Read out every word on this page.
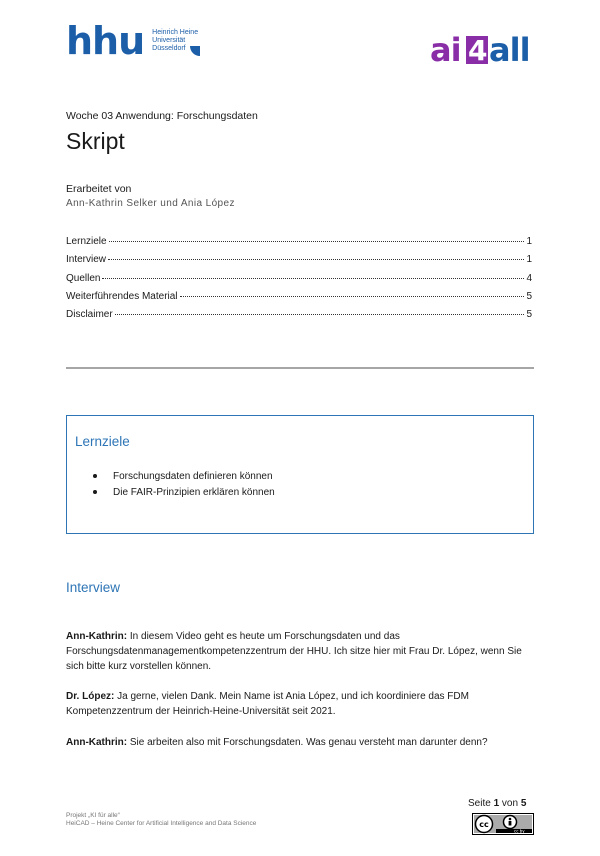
hhu Heinrich Heine
Universität
Düsseldorf	ai 4 all
Woche 03 Anwendung: Forschungsdaten
Skript
Erarbeitet von
Ann-Kathrin Selker und Ania López
Lernziele	1
Interview	1
Quellen	4
Weiterführendes Material	5
Disclaimer	5
Lernziele
Forschungsdaten definieren können
Die FAIR-Prinzipien erklären können
Interview
Ann-Kathrin: In diesem Video geht es heute um Forschungsdaten und das Forschungsdatenmanagementkompetenzzentrum der HHU. Ich sitze hier mit Frau Dr. López, wenn Sie sich bitte kurz vorstellen können.
Dr. López: Ja gerne, vielen Dank. Mein Name ist Ania López, und ich koordiniere das FDM Kompetenzzentrum der Heinrich-Heine-Universität seit 2021.
Ann-Kathrin: Sie arbeiten also mit Forschungsdaten. Was genau versteht man darunter denn?
Projekt „KI für alle“
HeiCAD – Heine Center for Artificial Intelligence and Data Science
Seite 1 von 5
cc
cc by
